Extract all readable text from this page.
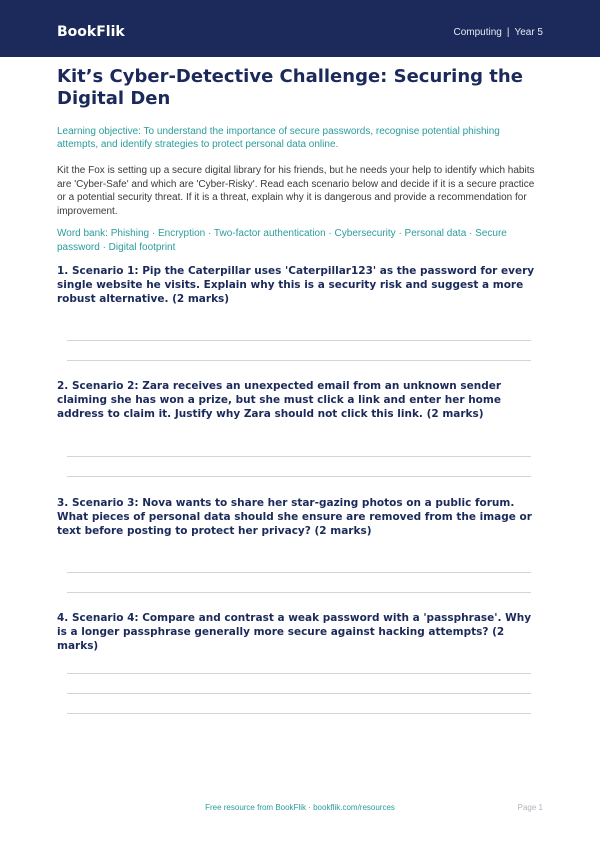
BookFlik	Computing | Year 5
Kit’s Cyber-Detective Challenge: Securing the Digital Den

Learning objective: To understand the importance of secure passwords, recognise potential phishing attempts, and identify strategies to protect personal data online.

Kit the Fox is setting up a secure digital library for his friends, but he needs your help to identify which habits are 'Cyber-Safe' and which are 'Cyber-Risky'. Read each scenario below and decide if it is a secure practice or a potential security threat. If it is a threat, explain why it is dangerous and provide a recommendation for improvement.

Word bank: Phishing · Encryption · Two-factor authentication · Cybersecurity · Personal data · Secure password · Digital footprint

1. Scenario 1: Pip the Caterpillar uses 'Caterpillar123' as the password for every single website he visits. Explain why this is a security risk and suggest a more robust alternative. (2 marks)

2. Scenario 2: Zara receives an unexpected email from an unknown sender claiming she has won a prize, but she must click a link and enter her home address to claim it. Justify why Zara should not click this link. (2 marks)

3. Scenario 3: Nova wants to share her star-gazing photos on a public forum. What pieces of personal data should she ensure are removed from the image or text before posting to protect her privacy? (2 marks)

4. Scenario 4: Compare and contrast a weak password with a 'passphrase'. Why is a longer passphrase generally more secure against hacking attempts? (2 marks)

Free resource from BookFlik · bookflik.com/resources	Page 1
